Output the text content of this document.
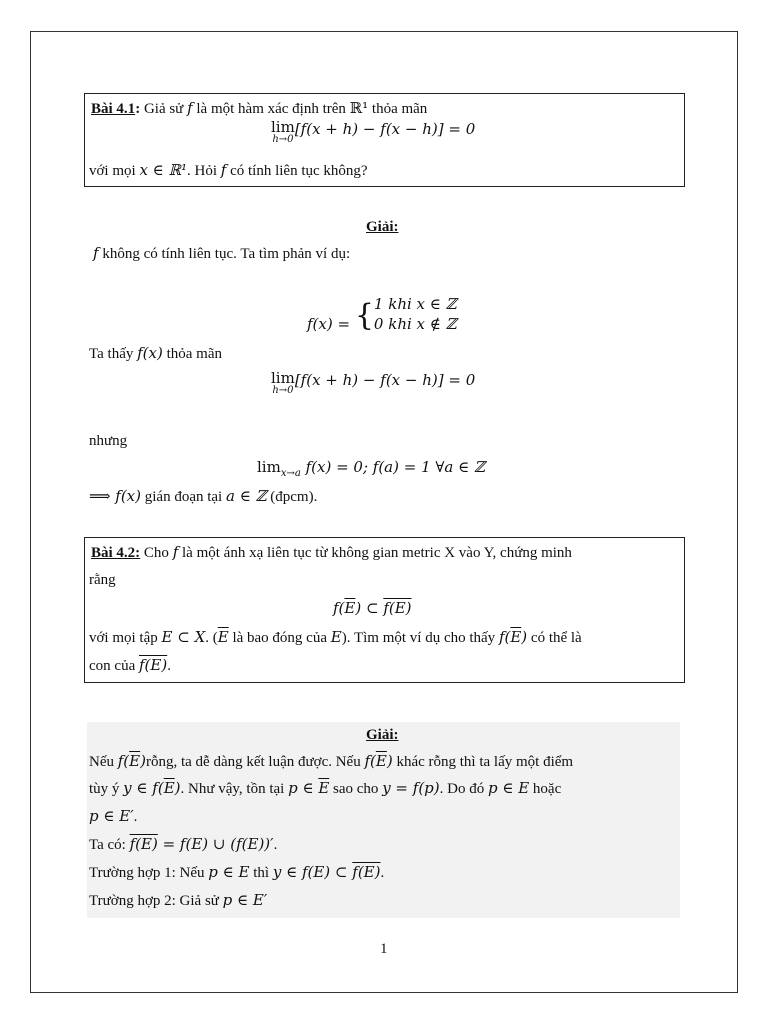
Bài 4.1: Giả sử f là một hàm xác định trên ℝ¹ thỏa mãn
lim
h→0
[f(x + h) − f(x − h)] = 0
với mọi x ∈ ℝ¹. Hỏi f có tính liên tục không?
Giải:
f không có tính liên tục. Ta tìm phản ví dụ:
f(x) = { 1 khi x ∈ ℤ
0 khi x ∉ ℤ
Ta thấy f(x) thỏa mãn
lim
h→0
[f(x + h) − f(x − h)] = 0
nhưng
$\lim_{x\to a} f(x) = 0$; f(a) = 1 ∀a ∈ ℤ
⟹ f(x) gián đoạn tại a ∈ ℤ (đpcm).
Bài 4.2: Cho f là một ánh xạ liên tục từ không gian metric X vào Y, chứng minh
rằng
$f(\overline{E})$ ⊂ f(E)
với mọi tập E ⊂ X. ($\overline{E}$ là bao đóng của E). Tìm một ví dụ cho thấy $f(\overline{E})$ có thể là
con của f(E).
Giải:
Nếu $f(\overline{E})rỗng$, ta dễ dàng kết luận được. Nếu $f(\overline{E})$ khác rỗng thì ta lấy một điểm
tùy ý y ∈ $f(\overline{E})$. Như vậy, tồn tại p ∈ $\overline{E}$ sao cho y = f(p). Do đó p ∈ E hoặc
p ∈ E′.
Ta có: f(E) = f(E) ∪ (f(E))′.
Trường hợp 1: Nếu p ∈ E thì y ∈ f(E) ⊂ f(E).
Trường hợp 2: Giả sử p ∈ E′
1
